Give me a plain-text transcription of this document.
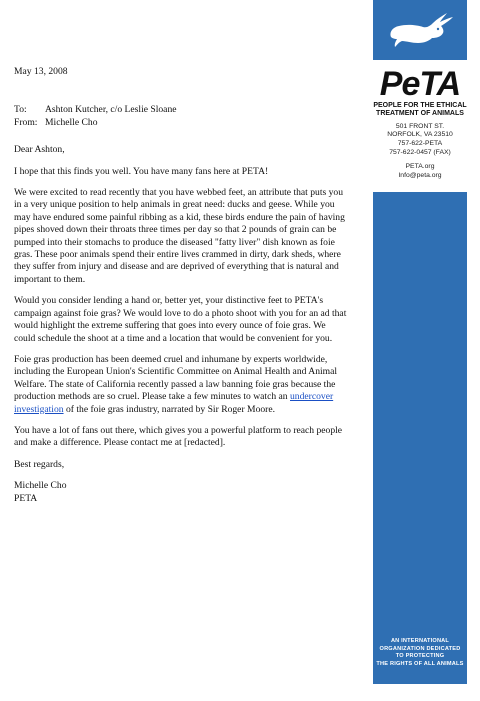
May 13, 2008

To:	Ashton Kutcher, c/o Leslie Sloane
From: Michelle Cho

Dear Ashton,

I hope that this finds you well. You have many fans here at PETA!

We were excited to read recently that you have webbed feet, an attribute that puts you in a very unique position to help animals in great need: ducks and geese. While you may have endured some painful ribbing as a kid, these birds endure the pain of having pipes shoved down their throats three times per day so that 2 pounds of grain can be pumped into their stomachs to produce the diseased "fatty liver" dish known as foie gras. These poor animals spend their entire lives crammed in dirty, dark sheds, where they suffer from injury and disease and are deprived of everything that is natural and important to them.

Would you consider lending a hand or, better yet, your distinctive feet to PETA's campaign against foie gras? We would love to do a photo shoot with you for an ad that would highlight the extreme suffering that goes into every ounce of foie gras. We could schedule the shoot at a time and a location that would be convenient for you.

Foie gras production has been deemed cruel and inhumane by experts worldwide, including the European Union's Scientific Committee on Animal Health and Animal Welfare. The state of California recently passed a law banning foie gras because the production methods are so cruel. Please take a few minutes to watch an undercover investigation of the foie gras industry, narrated by Sir Roger Moore.

You have a lot of fans out there, which gives you a powerful platform to reach people and make a difference. Please contact me at [redacted].

Best regards,

Michelle Cho
PETA

PeTA
PEOPLE FOR THE ETHICAL
TREATMENT OF ANIMALS
501 FRONT ST.
NORFOLK, VA 23510
757-622-PETA
757-622-0457 (FAX)
PETA.org
Info@peta.org
AN INTERNATIONAL
ORGANIZATION DEDICATED
TO PROTECTING
THE RIGHTS OF ALL ANIMALS
